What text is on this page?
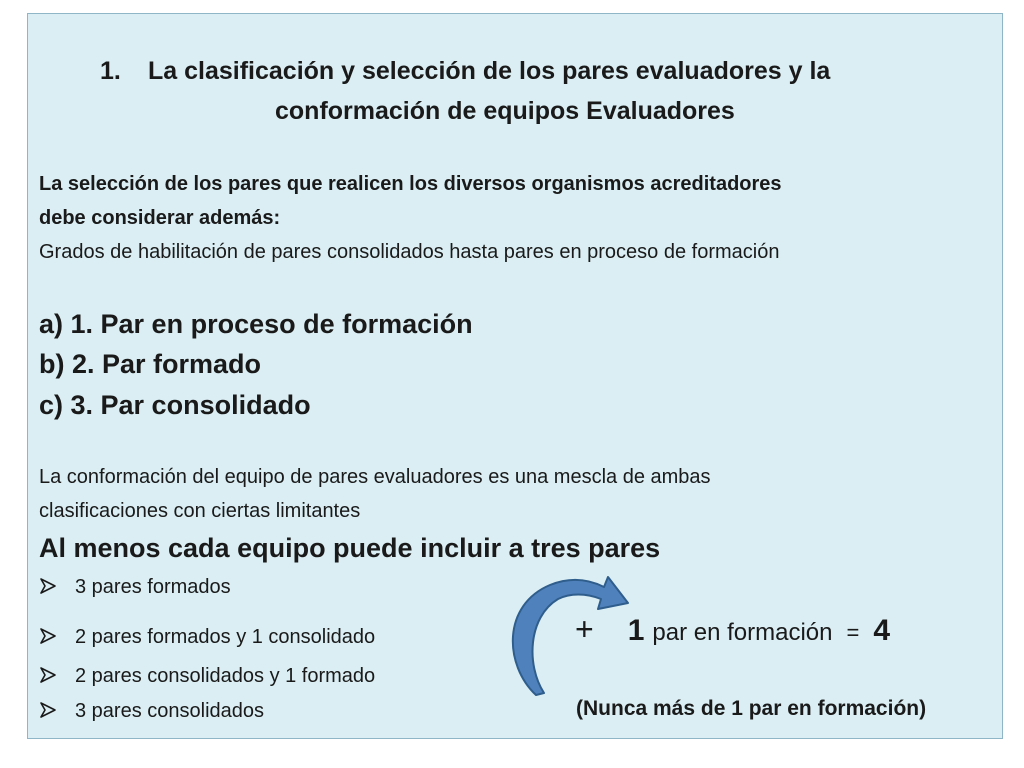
1. La clasificación y selección de los pares evaluadores y la
conformación de equipos Evaluadores
La selección de los pares que realicen los diversos organismos acreditadores
debe considerar además:
Grados de habilitación de pares consolidados hasta pares en proceso de formación
a) 1. Par en proceso de formación
b) 2. Par formado
c) 3. Par consolidado
La conformación del equipo de pares evaluadores es una mescla de ambas
clasificaciones con ciertas limitantes
Al menos cada equipo puede incluir a tres pares
3 pares formados
2 pares formados y 1 consolidado
2 pares consolidados y 1 formado
3 pares consolidados
+ 1 par en formación = 4
(Nunca más de 1 par en formación)
